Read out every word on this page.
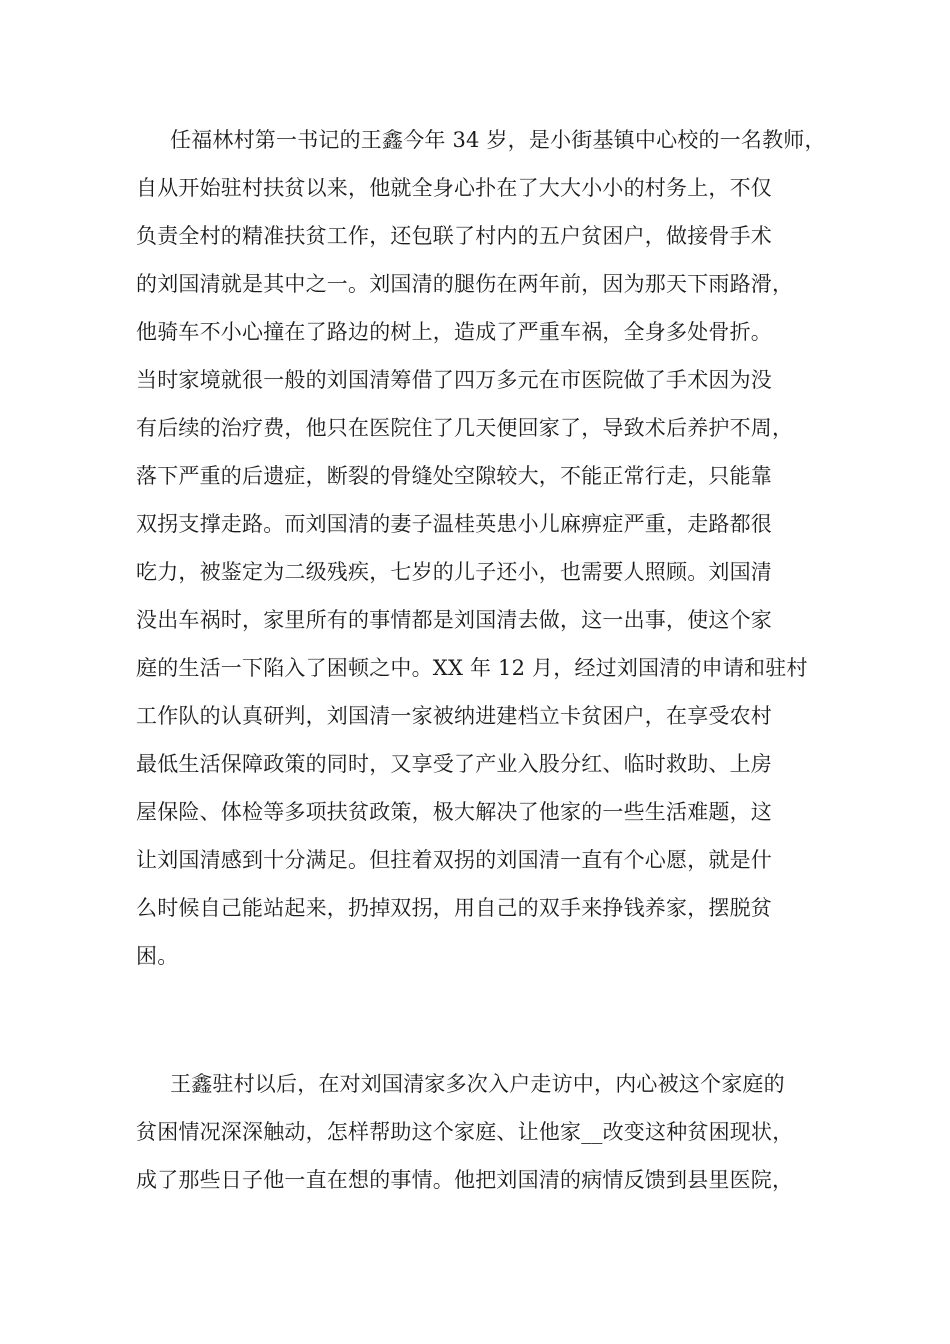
任福林村第一书记的王鑫今年 34 岁，是小街基镇中心校的一名教师，
自从开始驻村扶贫以来，他就全身心扑在了大大小小的村务上，不仅
负责全村的精准扶贫工作，还包联了村内的五户贫困户，做接骨手术
的刘国清就是其中之一。刘国清的腿伤在两年前，因为那天下雨路滑，
他骑车不小心撞在了路边的树上，造成了严重车祸，全身多处骨折。
当时家境就很一般的刘国清筹借了四万多元在市医院做了手术因为没
有后续的治疗费，他只在医院住了几天便回家了，导致术后养护不周，
落下严重的后遗症，断裂的骨缝处空隙较大，不能正常行走，只能靠
双拐支撑走路。而刘国清的妻子温桂英患小儿麻痹症严重，走路都很
吃力，被鉴定为二级残疾，七岁的儿子还小，也需要人照顾。刘国清
没出车祸时，家里所有的事情都是刘国清去做，这一出事，使这个家
庭的生活一下陷入了困顿之中。XX 年 12 月，经过刘国清的申请和驻村
工作队的认真研判，刘国清一家被纳进建档立卡贫困户，在享受农村
最低生活保障政策的同时，又享受了产业入股分红、临时救助、上房
屋保险、体检等多项扶贫政策，极大解决了他家的一些生活难题，这
让刘国清感到十分满足。但拄着双拐的刘国清一直有个心愿，就是什
么时候自己能站起来，扔掉双拐，用自己的双手来挣钱养家，摆脱贫
困。
王鑫驻村以后，在对刘国清家多次入户走访中，内心被这个家庭的
贫困情况深深触动，怎样帮助这个家庭、让他家__改变这种贫困现状，
成了那些日子他一直在想的事情。他把刘国清的病情反馈到县里医院，
